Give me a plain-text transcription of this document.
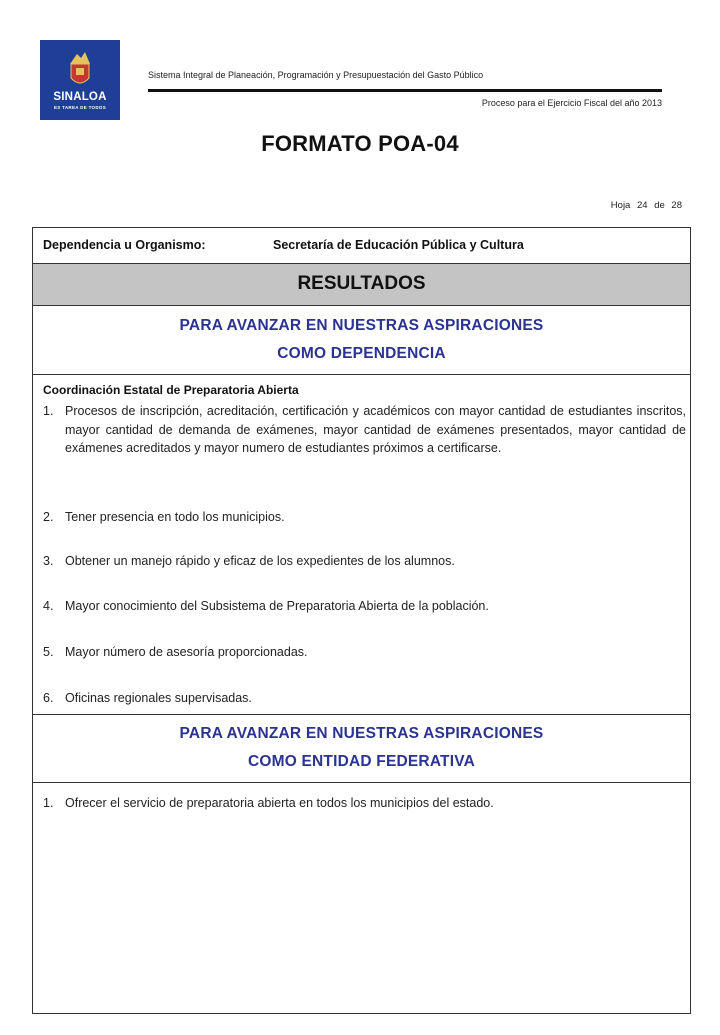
SINALOA
ES TAREA DE TODOS
Sistema Integral de Planeación, Programación y Presupuestación del Gasto Público
Proceso para el Ejercicio Fiscal del año 2013
FORMATO POA-04
Hoja 24 de 28
Dependencia u Organismo:	Secretaría de Educación Pública y Cultura
RESULTADOS
PARA AVANZAR EN NUESTRAS ASPIRACIONES
COMO DEPENDENCIA
Coordinación Estatal de Preparatoria Abierta
1. Procesos de inscripción, acreditación, certificación y académicos con mayor cantidad de estudiantes inscritos, mayor cantidad de demanda de exámenes, mayor cantidad de exámenes presentados, mayor cantidad de exámenes acreditados y mayor numero de estudiantes próximos a certificarse.
2. Tener presencia en todo los municipios.
3. Obtener un manejo rápido y eficaz de los expedientes de los alumnos.
4. Mayor conocimiento del Subsistema de Preparatoria Abierta de la población.
5. Mayor número de asesoría proporcionadas.
6. Oficinas regionales supervisadas.
PARA AVANZAR EN NUESTRAS ASPIRACIONES
COMO ENTIDAD FEDERATIVA
1. Ofrecer el servicio de preparatoria abierta en todos los municipios del estado.
